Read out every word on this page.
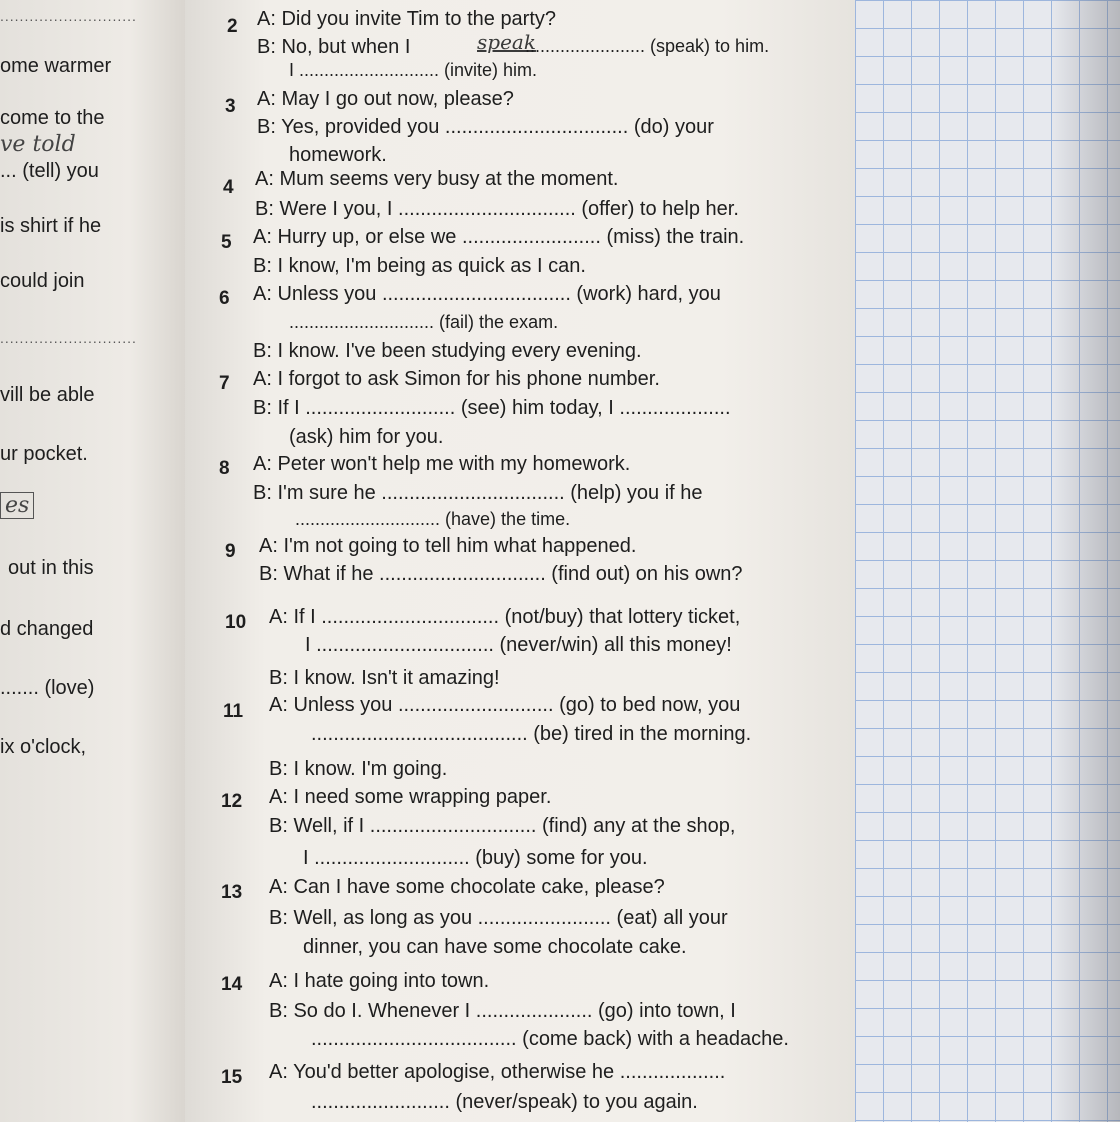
............................
ome warmer
come to the
ve told
... (tell) you
is shirt if he
could join
............................
vill be able
ur pocket.
es
out in this
d changed
....... (love)
ix o'clock,
2 A: Did you invite Tim to the party?
B: No, but when I	speak
........................ (speak) to him.
I ............................ (invite) him.
3 A: May I go out now, please?
B: Yes, provided you ................................. (do) your
homework.
4 A: Mum seems very busy at the moment.
B: Were I you, I ................................ (offer) to help her.
5 A: Hurry up, or else we ......................... (miss) the train.
B: I know, I'm being as quick as I can.
6 A: Unless you .................................. (work) hard, you
............................. (fail) the exam.
B: I know. I've been studying every evening.
7 A: I forgot to ask Simon for his phone number.
B: If I ........................... (see) him today, I ....................
(ask) him for you.
8 A: Peter won't help me with my homework.
B: I'm sure he ................................. (help) you if he
............................. (have) the time.
9 A: I'm not going to tell him what happened.
B: What if he .............................. (find out) on his own?
10 A: If I ................................ (not/buy) that lottery ticket,
I ................................ (never/win) all this money!
B: I know. Isn't it amazing!
11 A: Unless you ............................ (go) to bed now, you
....................................... (be) tired in the morning.
B: I know. I'm going.
12 A: I need some wrapping paper.
B: Well, if I .............................. (find) any at the shop,
I ............................ (buy) some for you.
13 A: Can I have some chocolate cake, please?
B: Well, as long as you ........................ (eat) all your
dinner, you can have some chocolate cake.
14 A: I hate going into town.
B: So do I. Whenever I ..................... (go) into town, I
..................................... (come back) with a headache.
15 A: You'd better apologise, otherwise he ...................
......................... (never/speak) to you again.
